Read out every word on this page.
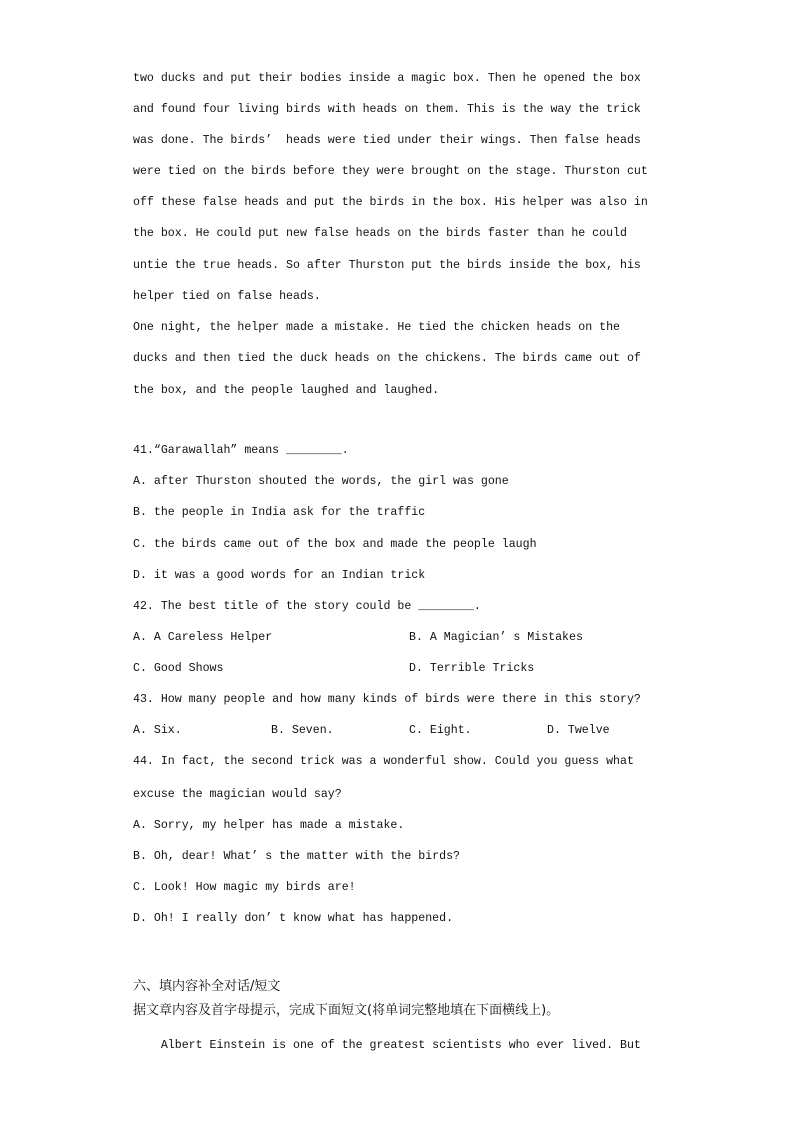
two ducks and put their bodies inside a magic box. Then he opened the box
and found four living birds with heads on them. This is the way the trick
was done. The birds’  heads were tied under their wings. Then false heads
were tied on the birds before they were brought on the stage. Thurston cut
off these false heads and put the birds in the box. His helper was also in
the box. He could put new false heads on the birds faster than he could
untie the true heads. So after Thurston put the birds inside the box, his
helper tied on false heads.
One night, the helper made a mistake. He tied the chicken heads on the
ducks and then tied the duck heads on the chickens. The birds came out of
the box, and the people laughed and laughed.
41.“Garawallah” means ________.
A. after Thurston shouted the words, the girl was gone
B. the people in India ask for the traffic
C. the birds came out of the box and made the people laugh
D. it was a good words for an Indian trick
42. The best title of the story could be ________.
A. A Careless Helper	B. A Magician’ s Mistakes
C. Good Shows	D. Terrible Tricks
43. How many people and how many kinds of birds were there in this story?
A. Six.	B. Seven.	C. Eight.	D. Twelve
44. In fact, the second trick was a wonderful show. Could you guess what
excuse the magician would say?
A. Sorry, my helper has made a mistake.
B. Oh, dear! What’ s the matter with the birds?
C. Look! How magic my birds are!
D. Oh! I really don’ t know what has happened.
六、填内容补全对话/短文
据文章内容及首字母提示，完成下面短文(将单词完整地填在下面横线上)。
Albert Einstein is one of the greatest scientists who ever lived. But
